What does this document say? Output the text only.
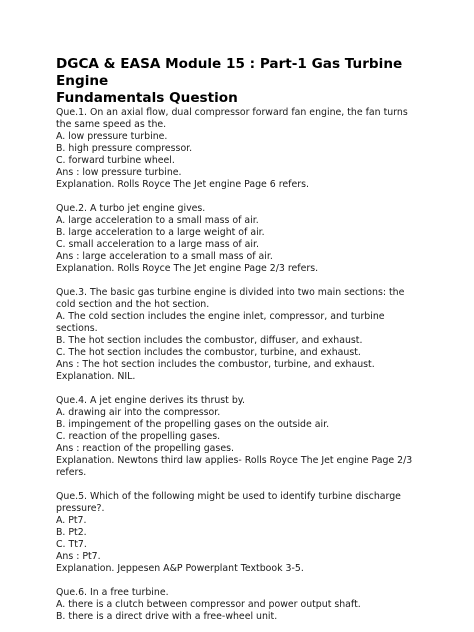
DGCA & EASA Module 15 : Part-1 Gas Turbine Engine
Fundamentals Question
Que.1. On an axial flow, dual compressor forward fan engine, the fan turns the same speed as the.
A. low pressure turbine.
B. high pressure compressor.
C. forward turbine wheel.
Ans : low pressure turbine.
Explanation. Rolls Royce The Jet engine Page 6 refers.
Que.2. A turbo jet engine gives.
A. large acceleration to a small mass of air.
B. large acceleration to a large weight of air.
C. small acceleration to a large mass of air.
Ans : large acceleration to a small mass of air.
Explanation. Rolls Royce The Jet engine Page 2/3 refers.
Que.3. The basic gas turbine engine is divided into two main sections: the cold section and the hot section.
A. The cold section includes the engine inlet, compressor, and turbine sections.
B. The hot section includes the combustor, diffuser, and exhaust.
C. The hot section includes the combustor, turbine, and exhaust.
Ans : The hot section includes the combustor, turbine, and exhaust.
Explanation. NIL.
Que.4. A jet engine derives its thrust by.
A. drawing air into the compressor.
B. impingement of the propelling gases on the outside air.
C. reaction of the propelling gases.
Ans : reaction of the propelling gases.
Explanation. Newtons third law applies- Rolls Royce The Jet engine Page 2/3 refers.
Que.5. Which of the following might be used to identify turbine discharge pressure?.
A. Pt7.
B. Pt2.
C. Tt7.
Ans : Pt7.
Explanation. Jeppesen A&P Powerplant Textbook 3-5.
Que.6. In a free turbine.
A. there is a clutch between compressor and power output shaft.
B. there is a direct drive with a free-wheel unit.
